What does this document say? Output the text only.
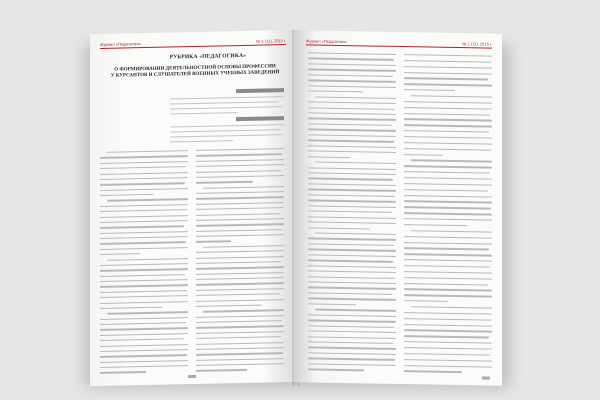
Журнал «Педагогика»
№ 1 (11), 2015 г.
РУБРИКА «ПЕДАГОГИКА»
О ФОРМИРОВАНИИ ДЕЯТЕЛЬНОСТНОЙ ОСНОВЫ ПРОФЕССИИ
У КУРСАНТОВ И СЛУШАТЕЛЕЙ ВОЕННЫХ УЧЕБНЫХ ЗАВЕДЕНИЙ
Журнал «Педагогика»	№ 1 (11), 2015 г.
